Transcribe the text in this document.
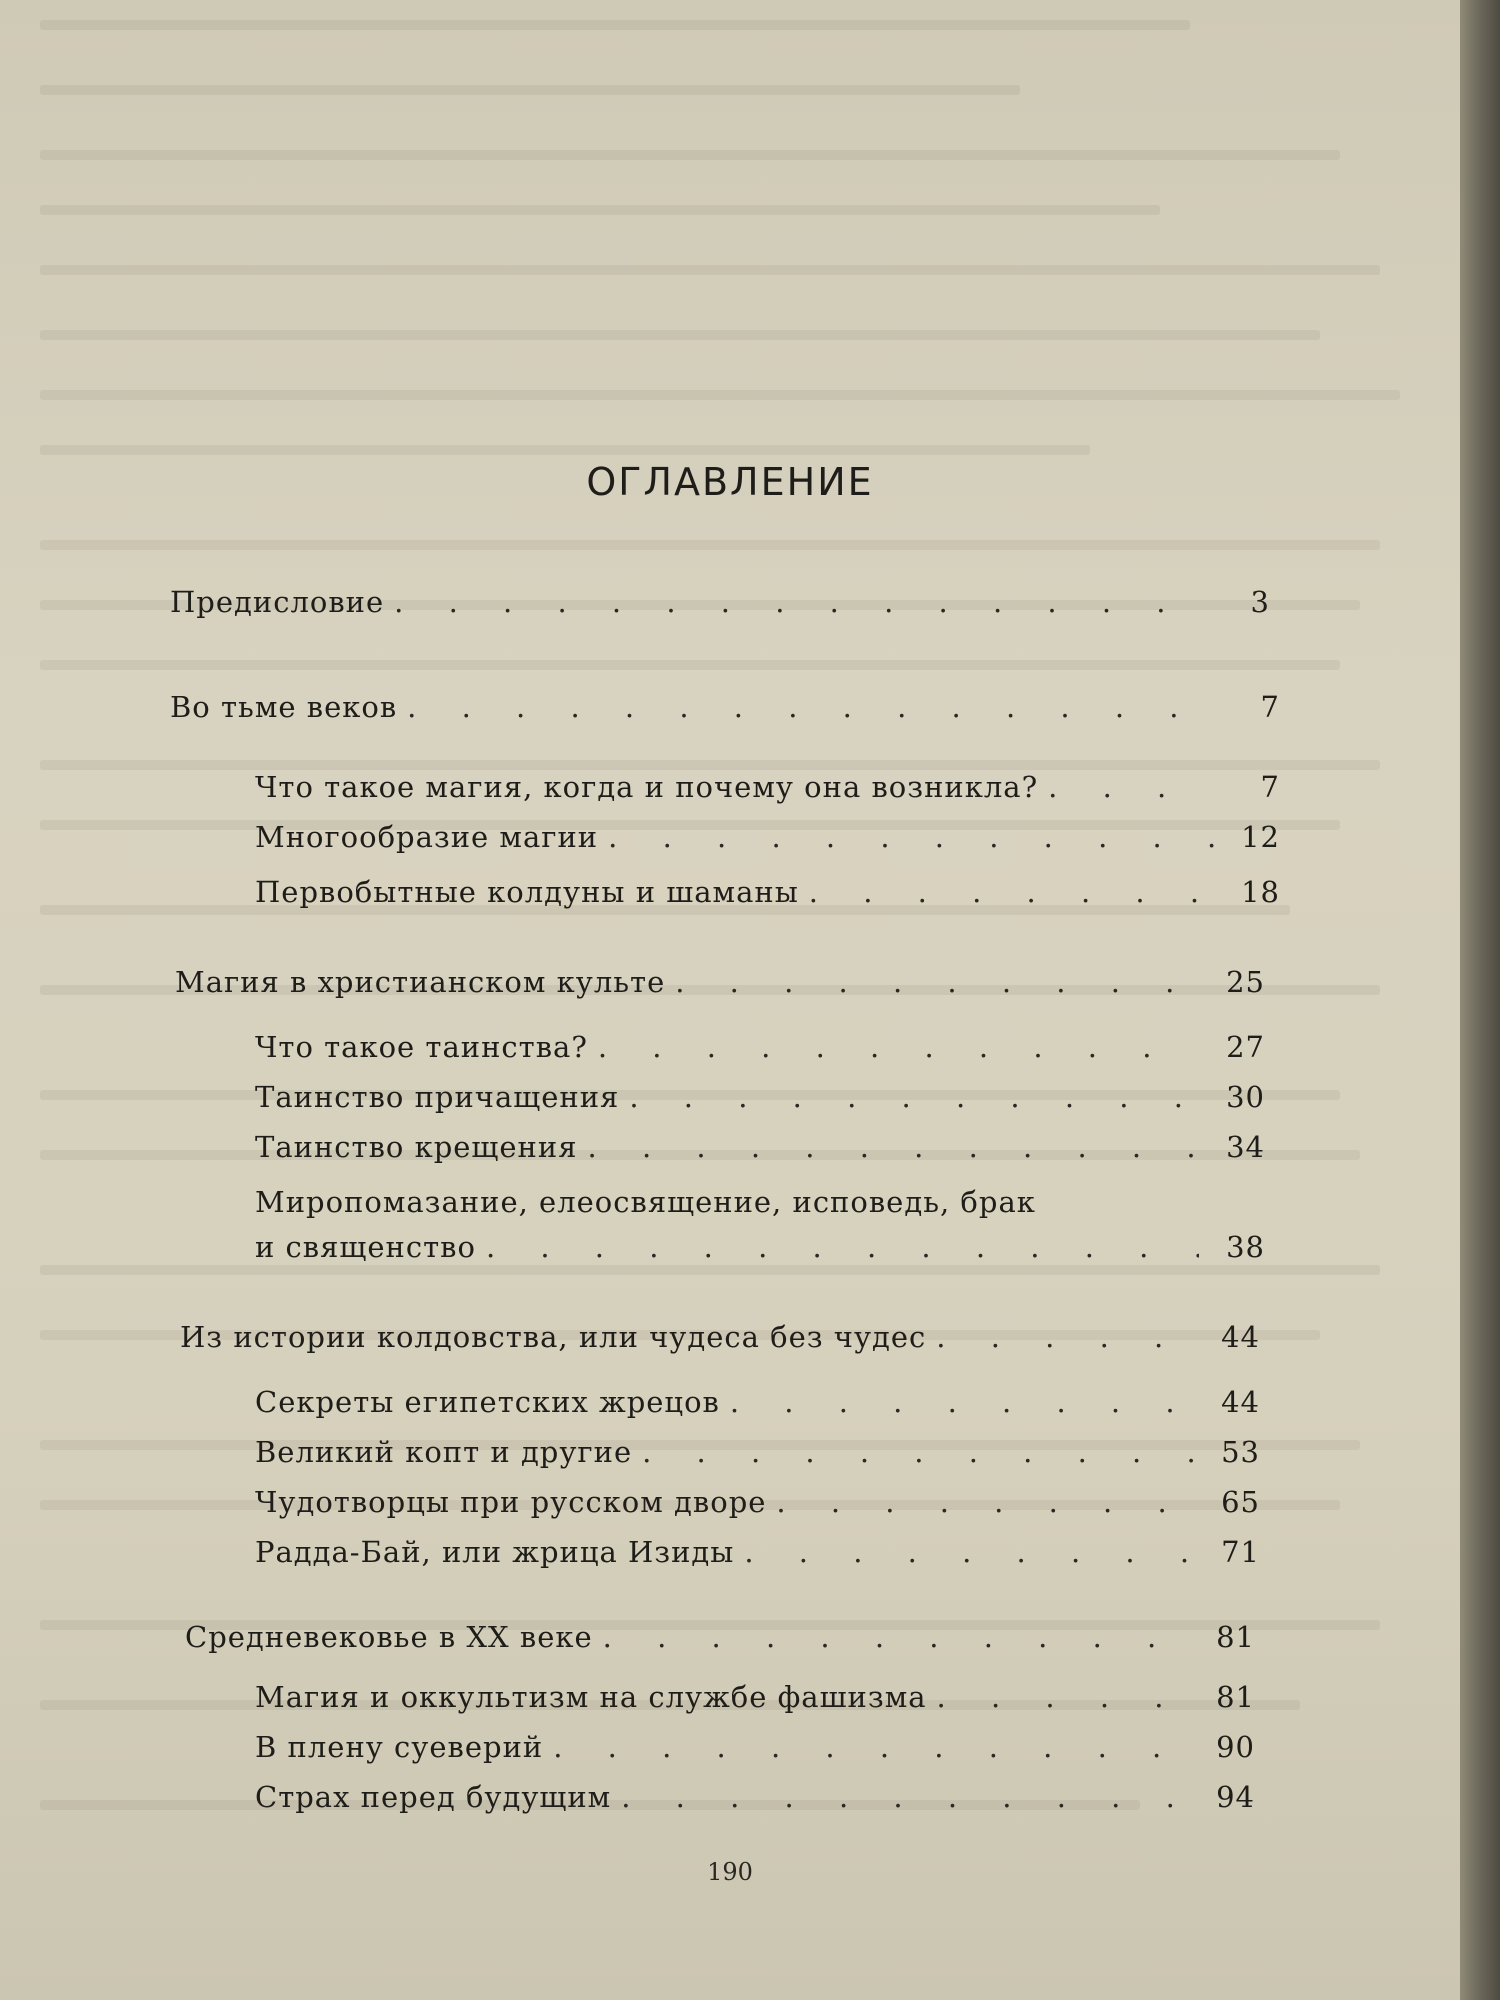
ОГЛАВЛЕНИЕ
Предисловие . . .	3
Во тьме веков . . .	7
Что такое магия, когда и почему она возникла? . . .	7
Многообразие магии . . .	12
Первобытные колдуны и шаманы . . .	18
Магия в христианском культе . . .	25
Что такое таинства? . . .	27
Таинство причащения . . .	30
Таинство крещения . . .	34
Миропомазание, елеосвящение, исповедь, брак
и священство . . .	38
Из истории колдовства, или чудеса без чудес . . .	44
Секреты египетских жрецов . . .	44
Великий копт и другие . . .	53
Чудотворцы при русском дворе . . .	65
Радда-Бай, или жрица Изиды . . .	71
Средневековье в XX веке . . .	81
Магия и оккультизм на службе фашизма . . .	81
В плену суеверий . . .	90
Страх перед будущим . . .	94
190
